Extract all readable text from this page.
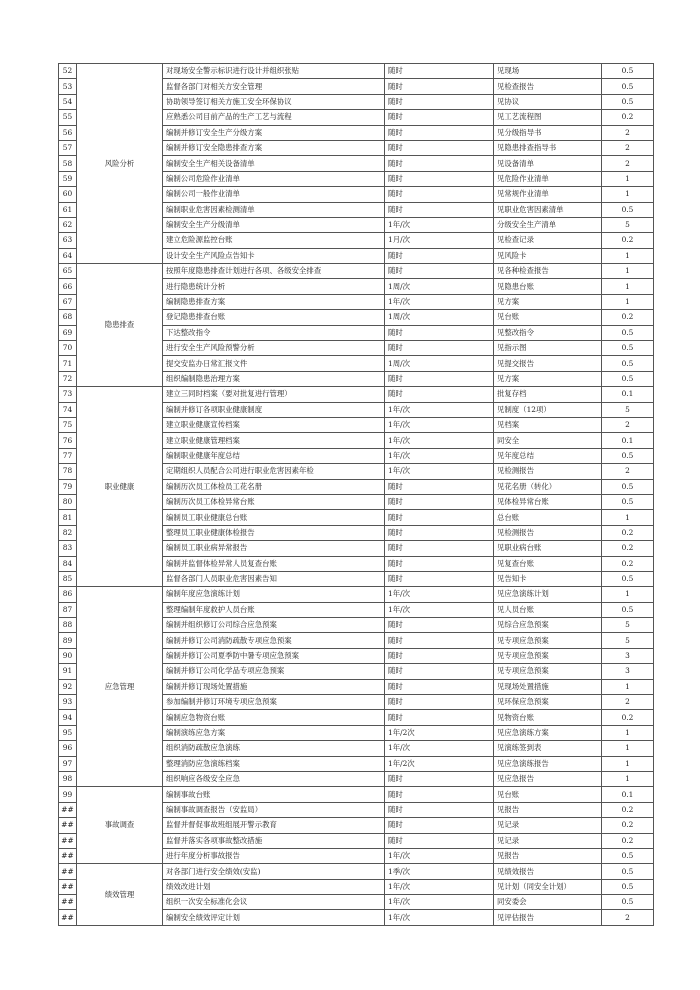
52	风险分析	对现场安全警示标识进行设计并组织张贴	随时	见现场	0.5
53		监督各部门对相关方安全管理	随时	见检查报告	0.5
54		协助领导签订相关方施工安全环保协议	随时	见协议	0.5
55		应熟悉公司目前产品的生产工艺与流程	随时	见工艺流程图	0.2
56		编制并修订安全生产分级方案	随时	见分级指导书	2
57		编制并修订安全隐患排查方案	随时	见隐患排查指导书	2
58		编制安全生产相关设备清单	随时	见设备清单	2
59		编制公司危险作业清单	随时	见危险作业清单	1
60		编制公司一般作业清单	随时	见常规作业清单	1
61		编制职业危害因素检测清单	随时	见职业危害因素清单	0.5
62		编制安全生产分级清单	1年/次	分级安全生产清单	5
63		建立危险源监控台账	1月/次	见检查记录	0.2
64		设计安全生产风险点告知卡	随时	见风险卡	1
65	隐患排查	按照年度隐患排查计划进行各项、各级安全排查	随时	见各种检查报告	1
66		进行隐患统计分析	1周/次	见隐患台账	1
67		编制隐患排查方案	1年/次	见方案	1
68		登记隐患排查台账	1周/次	见台账	0.2
69		下达整改指令	随时	见整改指令	0.5
70		进行安全生产风险预警分析	随时	见指示图	0.5
71		提交安监办日常汇报文件	1周/次	见提交报告	0.5
72		组织编制隐患治理方案	随时	见方案	0.5
73	职业健康	建立三同时档案（要对批复进行管理）	随时	批复存档	0.1
74		编制并修订各项职业健康制度	1年/次	见制度（12项）	5
75		建立职业健康宣传档案	1年/次	见档案	2
76		建立职业健康管理档案	1年/次	同安全	0.1
77		编制职业健康年度总结	1年/次	见年度总结	0.5
78		定期组织人员配合公司进行职业危害因素年检	1年/次	见检测报告	2
79		编制历次员工体检员工花名册	随时	见花名册（转化）	0.5
80		编制历次员工体检异常台账	随时	见体检异常台账	0.5
81		编制员工职业健康总台账	随时	总台账	1
82		整理员工职业健康体检报告	随时	见检测报告	0.2
83		编制员工职业病异常报告	随时	见职业病台账	0.2
84		编制并监督体检异常人员复查台账	随时	见复查台账	0.2
85		监督各部门人员职业危害因素告知	随时	见告知卡	0.5
86	应急管理	编制年度应急演练计划	1年/次	见应急演练计划	1
87		整理编制年度救护人员台账	1年/次	见人员台账	0.5
88		编制并组织修订公司综合应急预案	随时	见综合应急预案	5
89		编制并修订公司消防疏散专项应急预案	随时	见专项应急预案	5
90		编制并修订公司夏季防中暑专项应急预案	随时	见专项应急预案	3
91		编制并修订公司化学品专项应急预案	随时	见专项应急预案	3
92		编制并修订现场处置措施	随时	见现场处置措施	1
93		参加编制并修订环境专项应急预案	随时	见环保应急预案	2
94		编制应急物资台账	随时	见物资台账	0.2
95		编制演练应急方案	1年/2次	见应急演练方案	1
96		组织消防疏散应急演练	1年/次	见演练签到表	1
97		整理消防应急演练档案	1年/2次	见应急演练报告	1
98		组织响应各级安全应急	随时	见应急报告	1
99	事故调查	编制事故台账	随时	见台账	0.1
##		编制事故调查报告（安监局）	随时	见报告	0.2
##		监督并督促事故班组展开警示教育	随时	见记录	0.2
##		监督并落实各项事故整改措施	随时	见记录	0.2
##		进行年度分析事故报告	1年/次	见报告	0.5
##	绩效管理	对各部门进行安全绩效(安监)	1季/次	见绩效报告	0.5
##		绩效改进计划	1年/次	见计划（同安全计划）	0.5
##		组织一次安全标准化会议	1年/次	同安委会	0.5
##		编制安全绩效评定计划	1年/次	见评估报告	2
